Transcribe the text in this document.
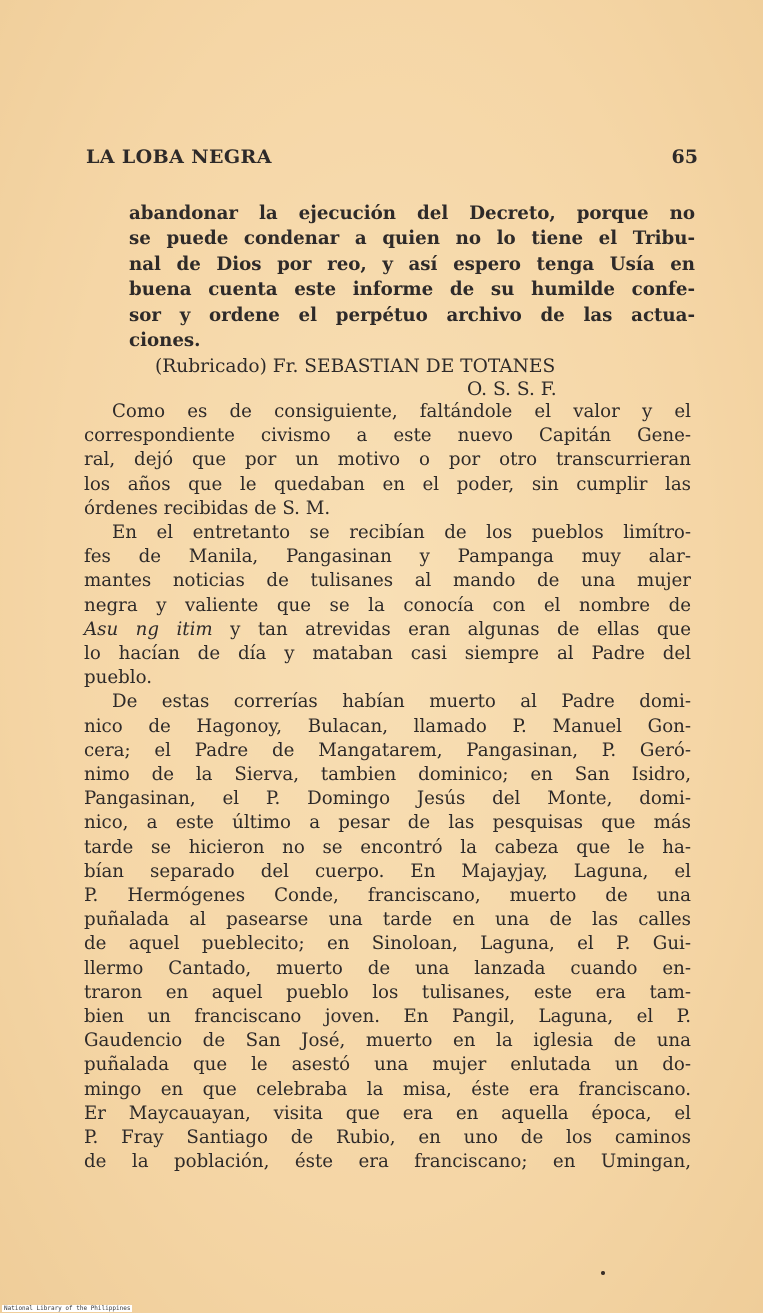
LA LOBA NEGRA	65
abandonar la ejecución del Decreto, porque no
se puede condenar a quien no lo tiene el Tribu-
nal de Dios por reo, y así espero tenga Usía en
buena cuenta este informe de su humilde confe-
sor y ordene el perpétuo archivo de las actua-
ciones.
(Rubricado) Fr. SEBASTIAN DE TOTANES
O. S. S. F.
Como es de consiguiente, faltándole el valor y el
correspondiente civismo a este nuevo Capitán Gene-
ral, dejó que por un motivo o por otro transcurrieran
los años que le quedaban en el poder, sin cumplir las
órdenes recibidas de S. M.
En el entretanto se recibían de los pueblos limítro-
fes de Manila, Pangasinan y Pampanga muy alar-
mantes noticias de tulisanes al mando de una mujer
negra y valiente que se la conocía con el nombre de
Asu ng itim y tan atrevidas eran algunas de ellas que
lo hacían de día y mataban casi siempre al Padre del
pueblo.
De estas correrías habían muerto al Padre domi-
nico de Hagonoy, Bulacan, llamado P. Manuel Gon-
cera; el Padre de Mangatarem, Pangasinan, P. Geró-
nimo de la Sierva, tambien dominico; en San Isidro,
Pangasinan, el P. Domingo Jesús del Monte, domi-
nico, a este último a pesar de las pesquisas que más
tarde se hicieron no se encontró la cabeza que le ha-
bían separado del cuerpo. En Majayjay, Laguna, el
P. Hermógenes Conde, franciscano, muerto de una
puñalada al pasearse una tarde en una de las calles
de aquel pueblecito; en Sinoloan, Laguna, el P. Gui-
llermo Cantado, muerto de una lanzada cuando en-
traron en aquel pueblo los tulisanes, este era tam-
bien un franciscano joven. En Pangil, Laguna, el P.
Gaudencio de San José, muerto en la iglesia de una
puñalada que le asestó una mujer enlutada un do-
mingo en que celebraba la misa, éste era franciscano.
Er Maycauayan, visita que era en aquella época, el
P. Fray Santiago de Rubio, en uno de los caminos
de la población, éste era franciscano; en Umingan,
National Library of the Philippines
